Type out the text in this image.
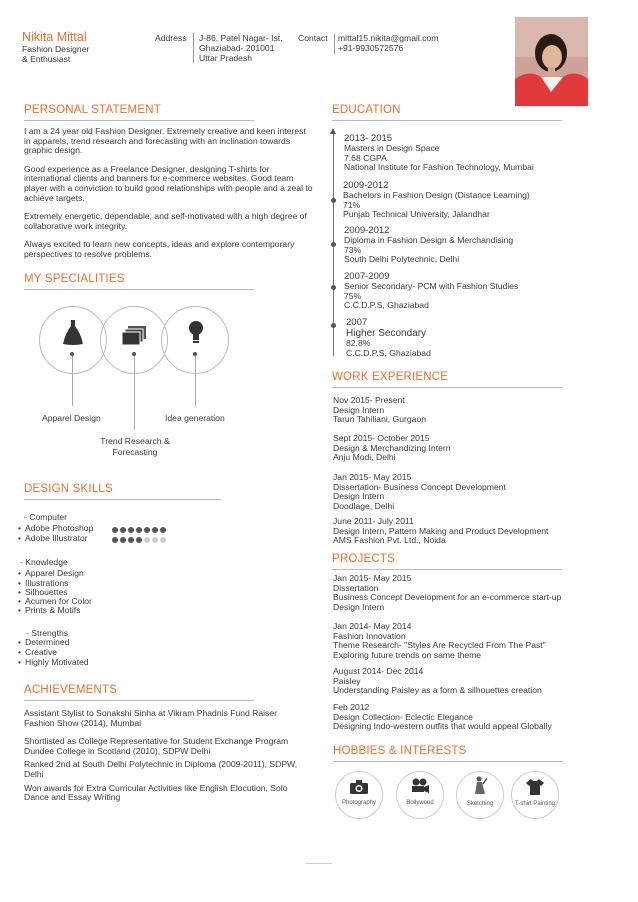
Nikita Mittal
Fashion Designer
& Enthusiast
Address J-86, Patel Nagar- Ist,
Ghaziabad- 201001
Uttar Pradesh
Contact mittal15.nikita@gmail.com
+91-9930572576
PERSONAL STATEMENT

I am a 24 year old Fashion Designer. Extremely creative and keen interest in apparels, trend research and forecasting with an inclination towards graphic design.

Good experience as a Freelance Designer, designing T-shirts for international clients and banners for e-commerce websites. Good team player with a conviction to build good relationships with people and a zeal to achieve targets.

Extremely energetic, dependable, and self-motivated with a high degree of collaborative work integrity.

Always excited to learn new concepts, ideas and explore contemporary perspectives to resolve problems.

MY SPECIALITIES
Apparel Design
Trend Research &
Forecasting
Idea generation
DESIGN SKILLS
- Computer
• Adobe Photoshop
• Adobe Illustrator
- Knowledge
• Apparel Design
• Illustrations
• Silhouettes
• Acumen for Color
• Prints & Motifs
- Strengths
• Determined
• Creative
• Highly Motivated
ACHIEVEMENTS

Assistant Stylist to Sonakshi Sinha at Vikram Phadnis Fund Raiser Fashion Show (2014), Mumbai

Shortlisted as College Representative for Student Exchange Program Dundee College in Scotland (2010), SDPW Delhi

Ranked 2nd at South Delhi Polytechnic in Diploma (2009-2011), SDPW, Delhi

Won awards for Extra Curricular Activities like English Elocution, Solo Dance and Essay Writing

EDUCATION
2013- 2015
Masters in Design Space
7.68 CGPA
National Institute for Fashion Technology, Mumbai
2009-2012
Bachelors in Fashion Design (Distance Learning)
71%
Punjab Technical University, Jalandhar
2009-2012
Diploma in Fashion Design & Merchandising
73%
South Delhi Polytechnic, Delhi
2007-2009
Senior Secondary- PCM with Fashion Studies
75%
C.C.D.P.S, Ghaziabad
2007
Higher Secondary
82.8%
C.C.D.P.S, Ghaziabad
WORK EXPERIENCE
Nov 2015- Present
Design Intern
Tarun Tahiliani, Gurgaon
Sept 2015- October 2015
Design & Merchandizing Intern
Anju Modi, Delhi
Jan 2015- May 2015
Dissertation- Business Concept Development
Design Intern
Doodlage, Delhi
June 2011- July 2011
Design Intern, Pattern Making and Product Development
AMS Fashion Pvt. Ltd., Noida
PROJECTS
Jan 2015- May 2015
Dissertation
Business Concept Development for an e-commerce start-up
Design Intern
Jan 2014- May 2014
Fashion Innovation
Theme Research- "Styles Are Recycled From The Past"
Exploring future trends on same theme
August 2014- Dec 2014
Paisley
Understanding Paisley as a form & silhouettes creation
Feb 2012
Design Collection- Eclectic Elegance
Designing Indo-western outfits that would appeal Globally
HOBBIES & INTERESTS
Photography	Bollywood	Sketching	T-shirt Painting
